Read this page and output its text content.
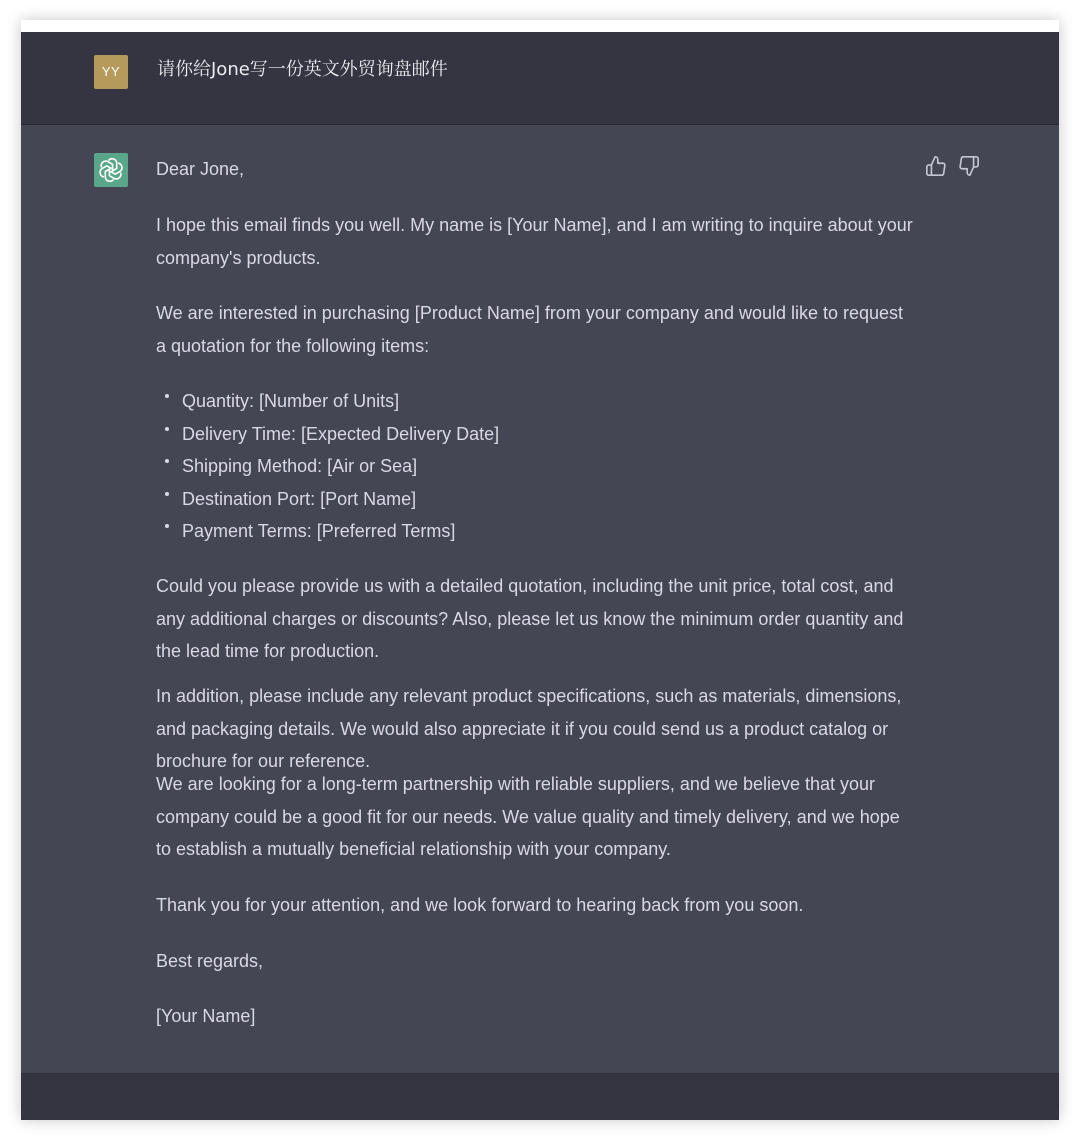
YY	请你给Jone写一份英文外贸询盘邮件

Dear Jone,

I hope this email finds you well. My name is [Your Name], and I am writing to inquire about your company's products.

We are interested in purchasing [Product Name] from your company and would like to request a quotation for the following items:

Quantity: [Number of Units]
Delivery Time: [Expected Delivery Date]
Shipping Method: [Air or Sea]
Destination Port: [Port Name]
Payment Terms: [Preferred Terms]

Could you please provide us with a detailed quotation, including the unit price, total cost, and any additional charges or discounts? Also, please let us know the minimum order quantity and the lead time for production.

In addition, please include any relevant product specifications, such as materials, dimensions, and packaging details. We would also appreciate it if you could send us a product catalog or brochure for our reference.

We are looking for a long-term partnership with reliable suppliers, and we believe that your company could be a good fit for our needs. We value quality and timely delivery, and we hope to establish a mutually beneficial relationship with your company.

Thank you for your attention, and we look forward to hearing back from you soon.

Best regards,

[Your Name]
